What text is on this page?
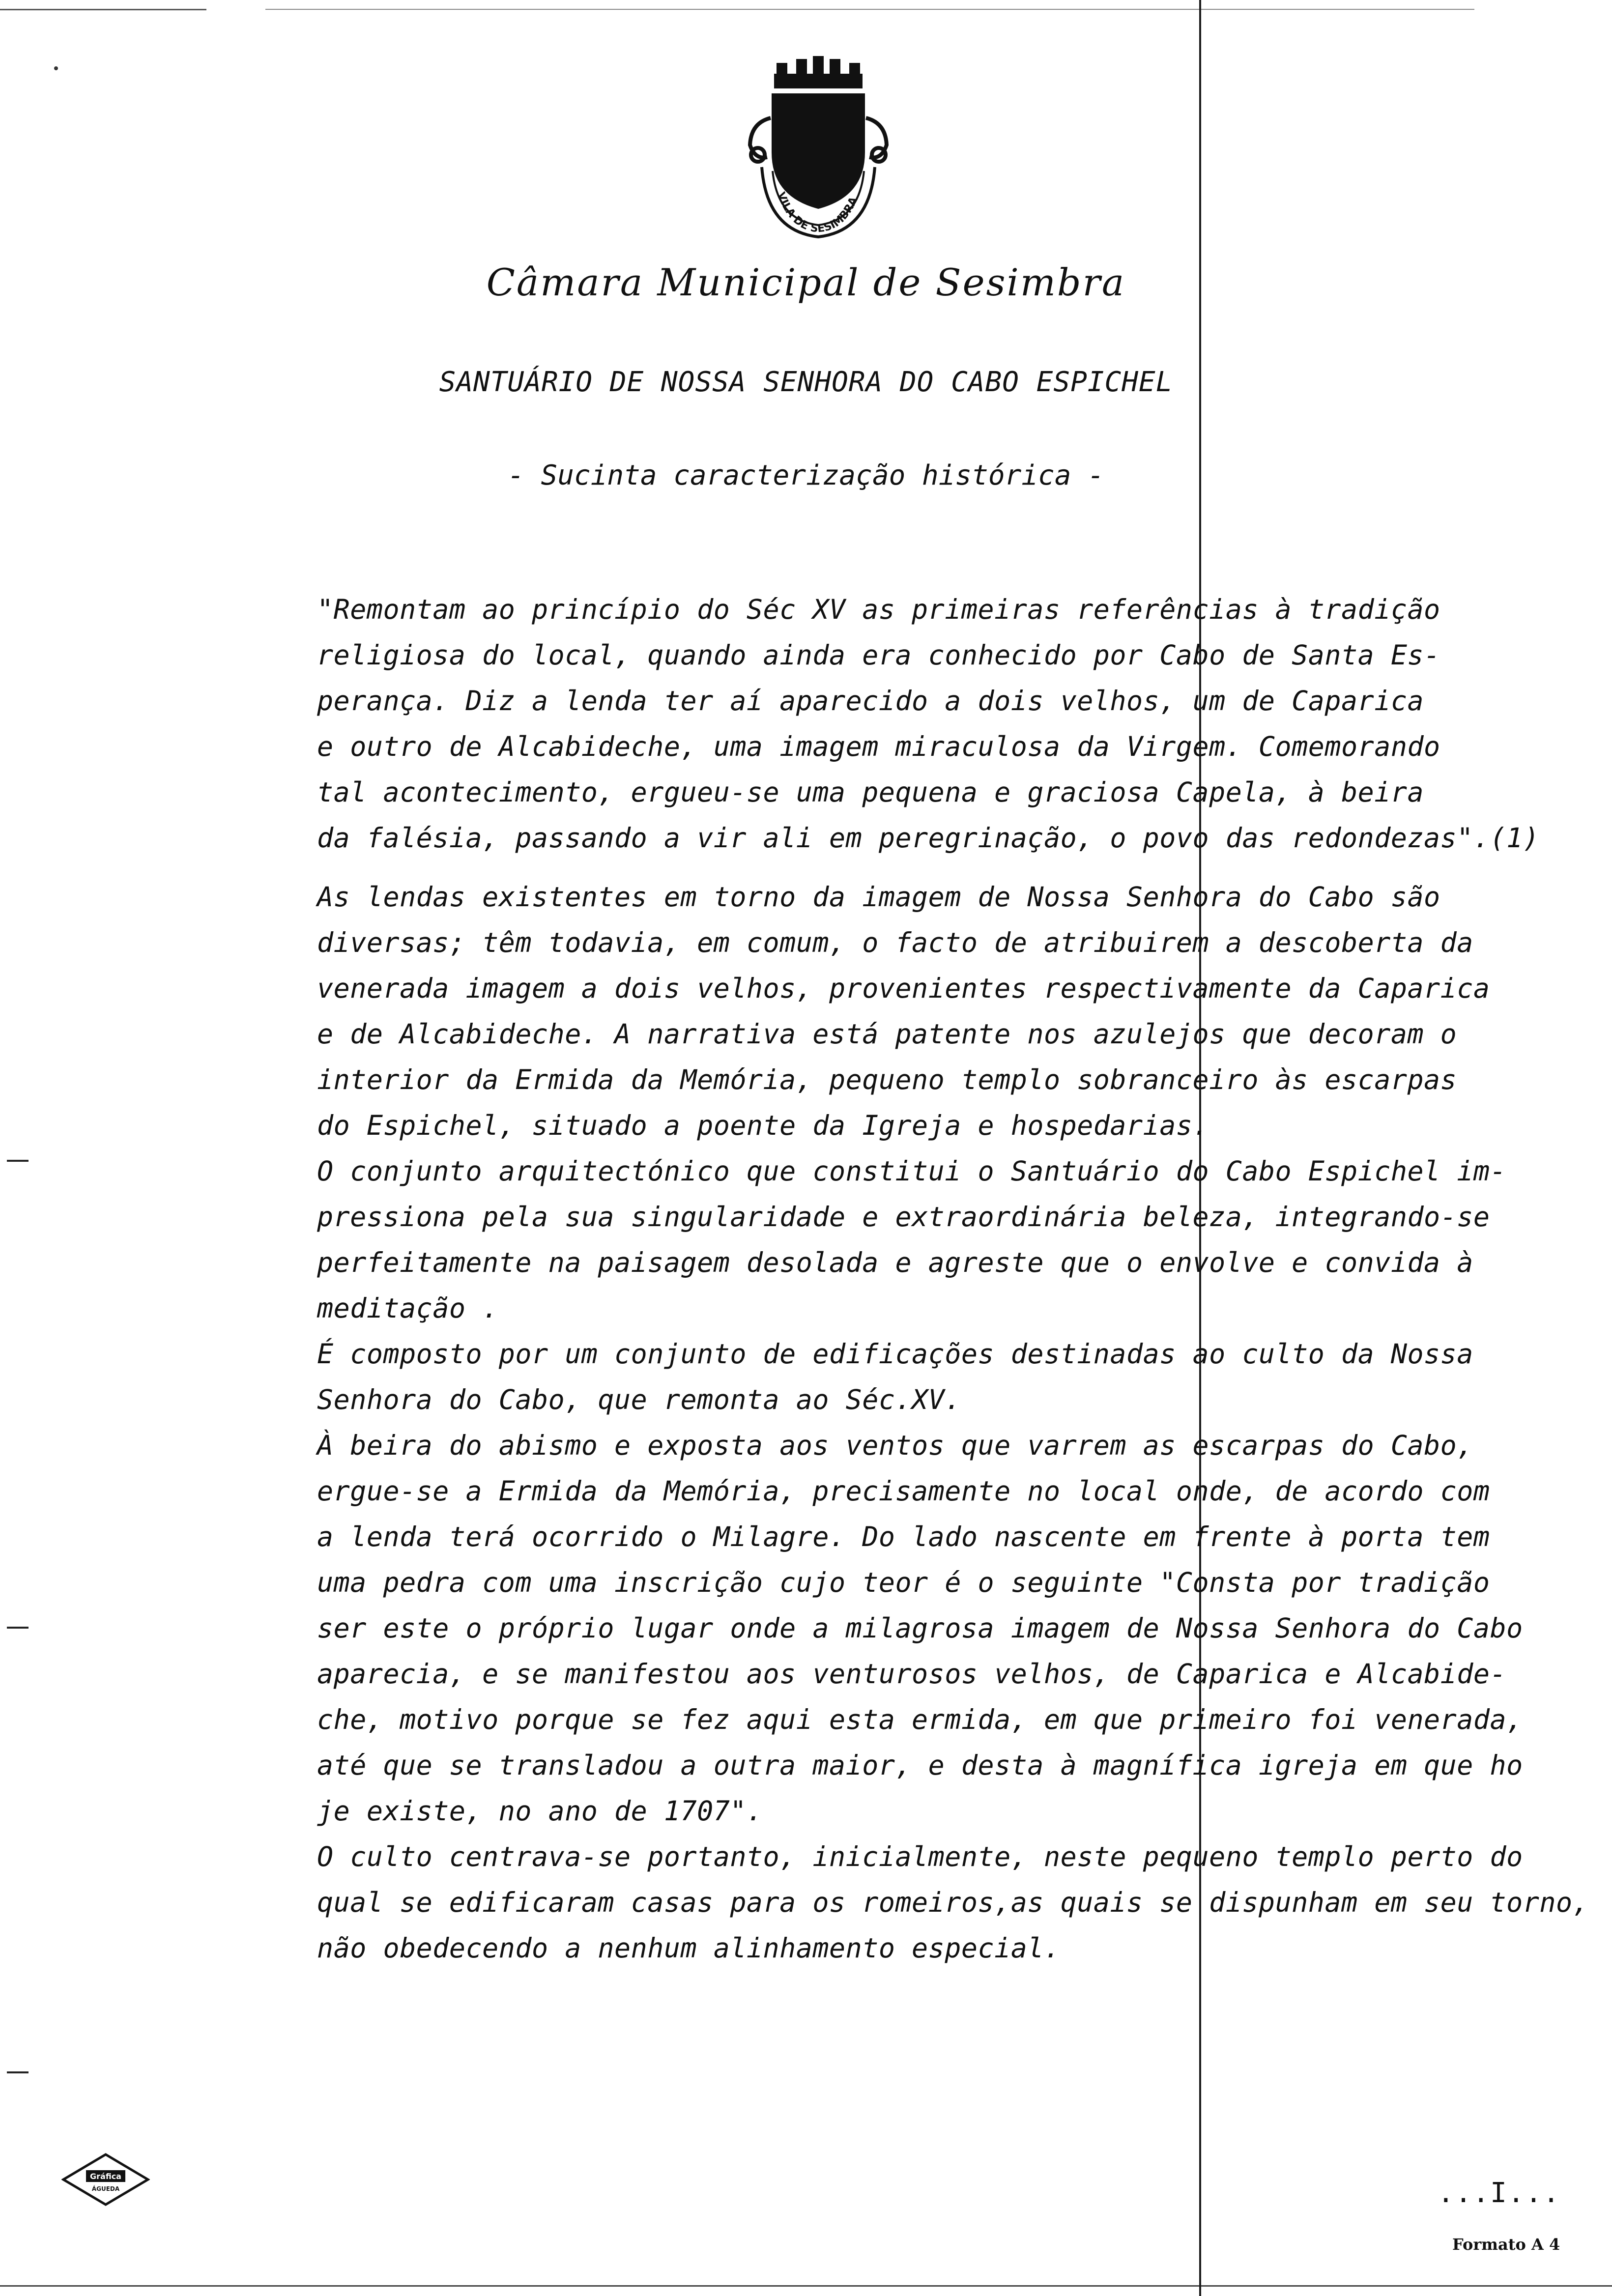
VILA DE SESIMBRA
Câmara Municipal de Sesimbra
SANTUÁRIO DE NOSSA SENHORA DO CABO ESPICHEL
- Sucinta caracterização histórica -
"Remontam ao princípio do Séc XV as primeiras referências à tradição
religiosa do local, quando ainda era conhecido por Cabo de Santa Es-
perança. Diz a lenda ter aí aparecido a dois velhos, um de Caparica
e outro de Alcabideche, uma imagem miraculosa da Virgem. Comemorando
tal acontecimento, ergueu-se uma pequena e graciosa Capela, à beira
da falésia, passando a vir ali em peregrinação, o povo das redondezas".(1)
As lendas existentes em torno da imagem de Nossa Senhora do Cabo são
diversas; têm todavia, em comum, o facto de atribuirem a descoberta da
venerada imagem a dois velhos, provenientes respectivamente da Caparica
e de Alcabideche. A narrativa está patente nos azulejos que decoram o
interior da Ermida da Memória, pequeno templo sobranceiro às escarpas
do Espichel, situado a poente da Igreja e hospedarias.
O conjunto arquitectónico que constitui o Santuário do Cabo Espichel im-
pressiona pela sua singularidade e extraordinária beleza, integrando-se
perfeitamente na paisagem desolada e agreste que o envolve e convida à
meditação .
É composto por um conjunto de edificações destinadas ao culto da Nossa
Senhora do Cabo, que remonta ao Séc.XV.
À beira do abismo e exposta aos ventos que varrem as escarpas do Cabo,
ergue-se a Ermida da Memória, precisamente no local onde, de acordo com
a lenda terá ocorrido o Milagre. Do lado nascente em frente à porta tem
uma pedra com uma inscrição cujo teor é o seguinte "Consta por tradição
ser este o próprio lugar onde a milagrosa imagem de Nossa Senhora do Cabo
aparecia, e se manifestou aos venturosos velhos, de Caparica e Alcabide-
che, motivo porque se fez aqui esta ermida, em que primeiro foi venerada,
até que se transladou a outra maior, e desta à magnífica igreja em que ho
je existe, no ano de 1707".
O culto centrava-se portanto, inicialmente, neste pequeno templo perto do
qual se edificaram casas para os romeiros,as quais se dispunham em seu torno,
não obedecendo a nenhum alinhamento especial.
Gráfica
ÁGUEDA	...I...
Formato A 4
